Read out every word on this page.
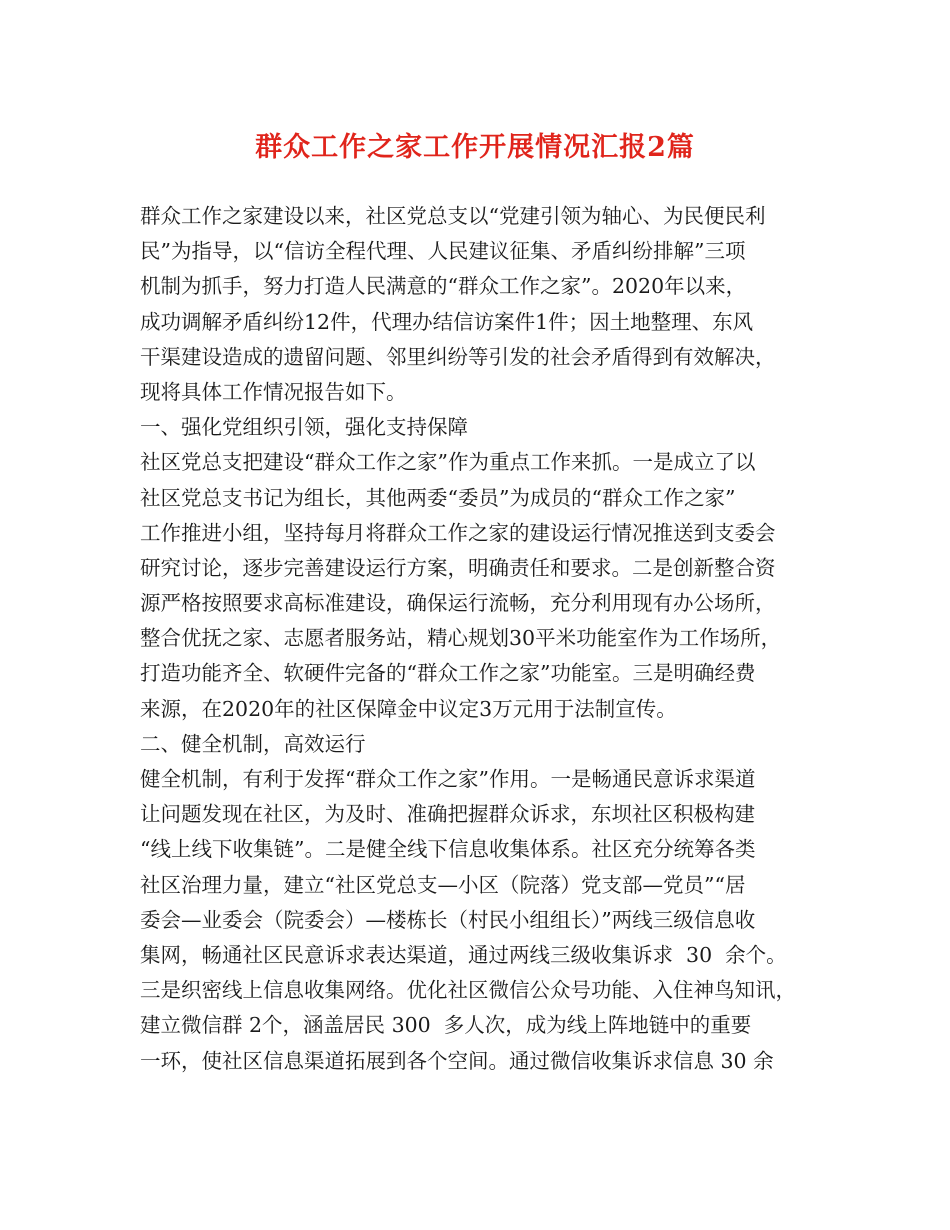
群众工作之家工作开展情况汇报2篇
群众工作之家建设以来，社区党总支以“党建引领为轴心、为民便民利
民”为指导，以“信访全程代理、人民建议征集、矛盾纠纷排解”三项
机制为抓手，努力打造人民满意的“群众工作之家”。2020年以来，
成功调解矛盾纠纷12件，代理办结信访案件1件；因土地整理、东风
干渠建设造成的遗留问题、邻里纠纷等引发的社会矛盾得到有效解决，
现将具体工作情况报告如下。
一、强化党组织引领，强化支持保障
社区党总支把建设“群众工作之家”作为重点工作来抓。一是成立了以
社区党总支书记为组长，其他两委“委员”为成员的“群众工作之家”
工作推进小组，坚持每月将群众工作之家的建设运行情况推送到支委会
研究讨论，逐步完善建设运行方案，明确责任和要求。二是创新整合资
源严格按照要求高标准建设，确保运行流畅，充分利用现有办公场所，
整合优抚之家、志愿者服务站，精心规划30平米功能室作为工作场所，
打造功能齐全、软硬件完备的“群众工作之家”功能室。三是明确经费
来源，在2020年的社区保障金中议定3万元用于法制宣传。
二、健全机制，高效运行
健全机制，有利于发挥“群众工作之家”作用。一是畅通民意诉求渠道
让问题发现在社区，为及时、准确把握群众诉求，东坝社区积极构建
“线上线下收集链”。二是健全线下信息收集体系。社区充分统筹各类
社区治理力量，建立“社区党总支—小区（院落）党支部—党员”“居
委会—业委会（院委会）—楼栋长（村民小组组长）”两线三级信息收
集网，畅通社区民意诉求表达渠道，通过两线三级收集诉求  30  余个。
三是织密线上信息收集网络。优化社区微信公众号功能、入住神鸟知讯，
建立微信群 2个，涵盖居民 300  多人次，成为线上阵地链中的重要
一环，使社区信息渠道拓展到各个空间。通过微信收集诉求信息 30 余
